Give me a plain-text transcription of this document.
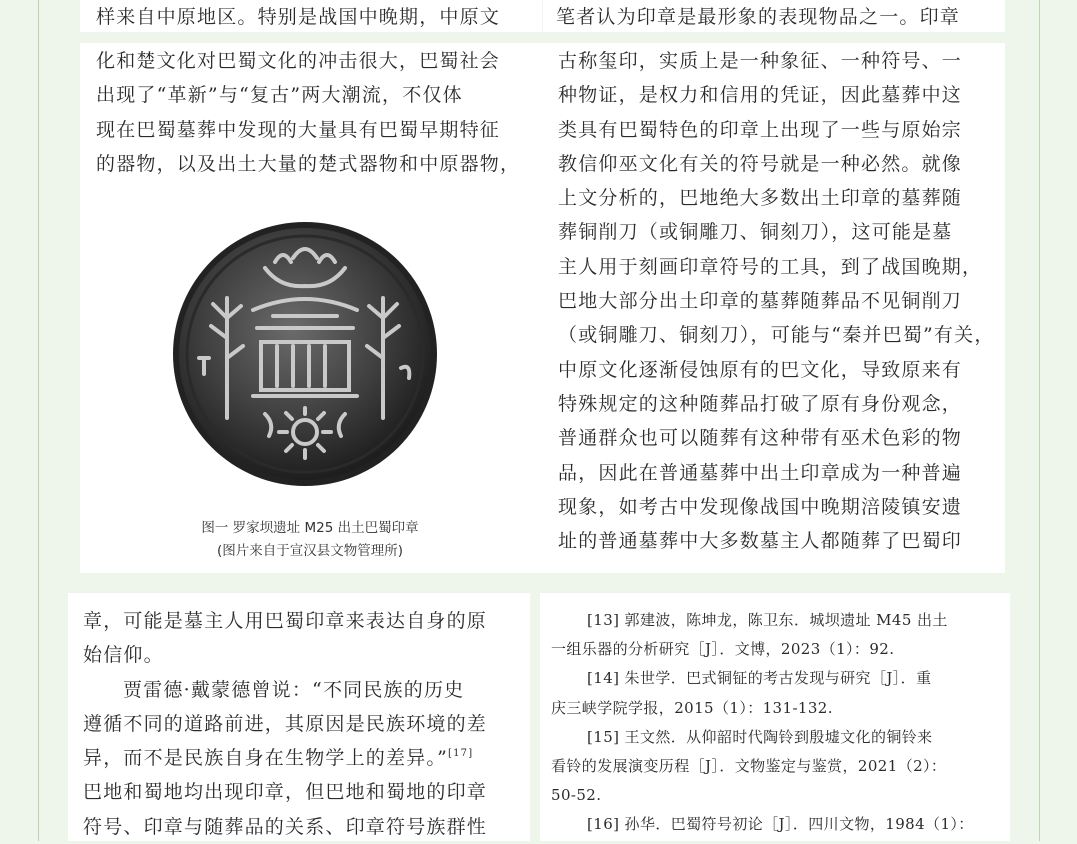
样来自中原地区。特别是战国中晚期，中原文	笔者认为印章是最形象的表现物品之一。印章

化和楚文化对巴蜀文化的冲击很大，巴蜀社会

出现了“革新”与“复古”两大潮流，不仅体

现在巴蜀墓葬中发现的大量具有巴蜀早期特征

的器物，以及出土大量的楚式器物和中原器物，

图一 罗家坝遗址 M25 出土巴蜀印章
(图片来自于宣汉县文物管理所)

古称玺印，实质上是一种象征、一种符号、一

种物证，是权力和信用的凭证，因此墓葬中这

类具有巴蜀特色的印章上出现了一些与原始宗

教信仰巫文化有关的符号就是一种必然。就像

上文分析的，巴地绝大多数出土印章的墓葬随

葬铜削刀（或铜雕刀、铜刻刀），这可能是墓

主人用于刻画印章符号的工具，到了战国晚期，

巴地大部分出土印章的墓葬随葬品不见铜削刀

（或铜雕刀、铜刻刀），可能与“秦并巴蜀”有关，

中原文化逐渐侵蚀原有的巴文化，导致原来有

特殊规定的这种随葬品打破了原有身份观念，

普通群众也可以随葬有这种带有巫术色彩的物

品，因此在普通墓葬中出土印章成为一种普遍

现象，如考古中发现像战国中晚期涪陵镇安遗

址的普通墓葬中大多数墓主人都随葬了巴蜀印

章，可能是墓主人用巴蜀印章来表达自身的原

始信仰。

贾雷德·戴蒙德曾说：“不同民族的历史

遵循不同的道路前进，其原因是民族环境的差

异，而不是民族自身在生物学上的差异。”[17]

巴地和蜀地均出现印章，但巴地和蜀地的印章

符号、印章与随葬品的关系、印章符号族群性

[13] 郭建波，陈坤龙，陈卫东．城坝遗址 M45 出土

一组乐器的分析研究［J］．文博，2023（1）：92.

[14] 朱世学．巴式铜钲的考古发现与研究［J］．重

庆三峡学院学报，2015（1）：131-132.

[15] 王文然．从仰韶时代陶铃到殷墟文化的铜铃来

看铃的发展演变历程［J］．文物鉴定与鉴赏，2021（2）：

50-52.

[16] 孙华．巴蜀符号初论［J］．四川文物，1984（1）：
